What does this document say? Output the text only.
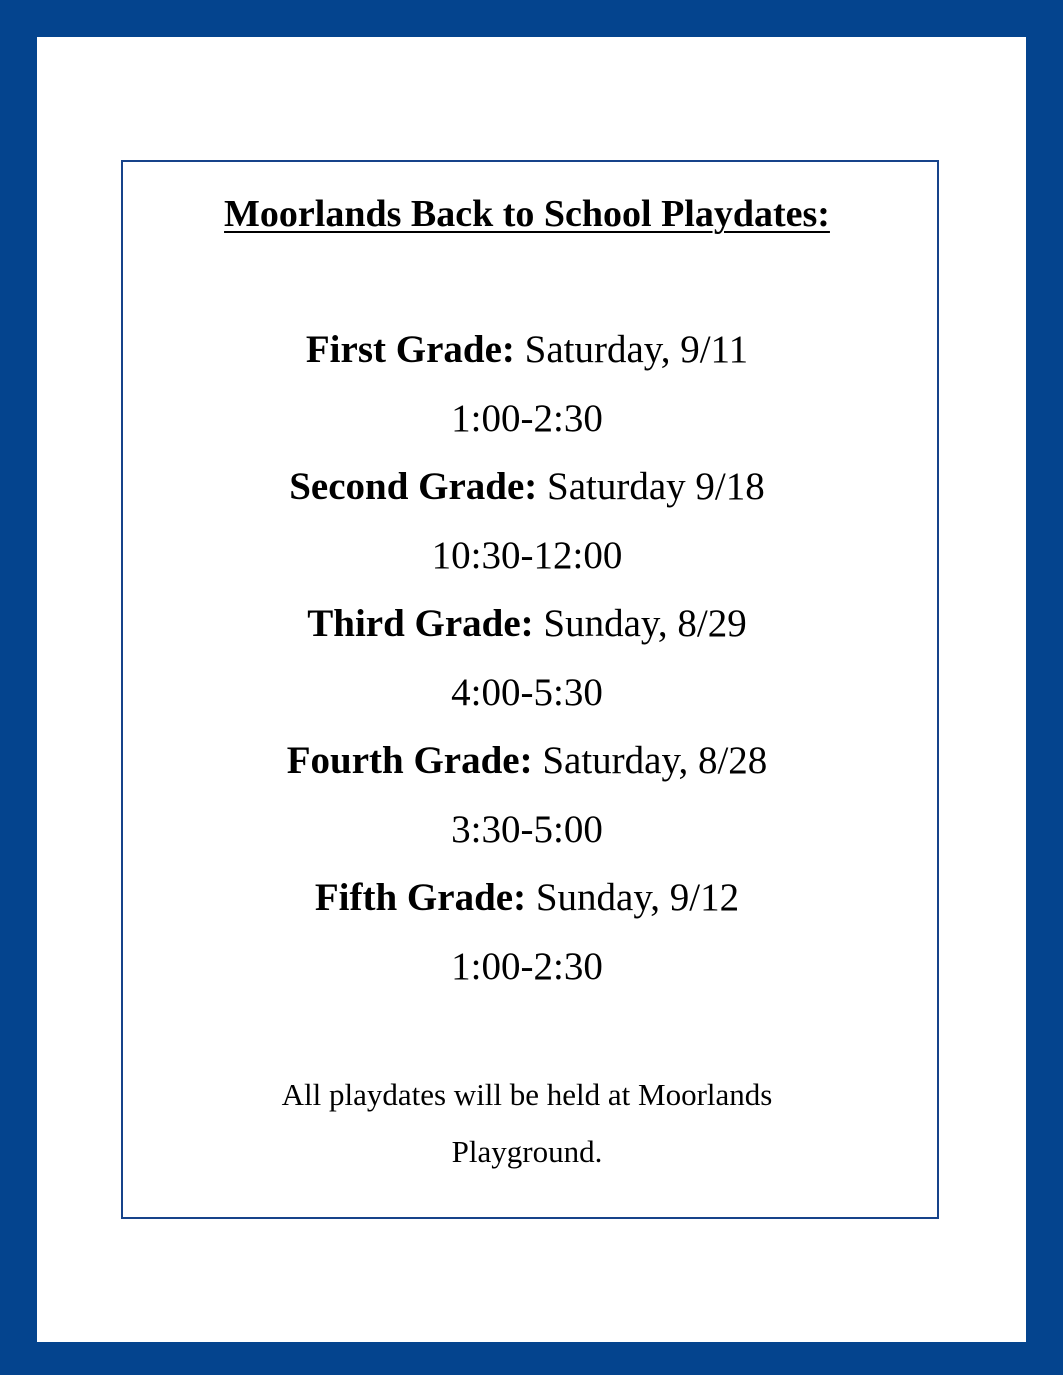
Moorlands Back to School Playdates:
First Grade: Saturday, 9/11
1:00-2:30
Second Grade: Saturday 9/18
10:30-12:00
Third Grade: Sunday, 8/29
4:00-5:30
Fourth Grade: Saturday, 8/28
3:30-5:00
Fifth Grade: Sunday, 9/12
1:00-2:30

All playdates will be held at Moorlands
Playground.
